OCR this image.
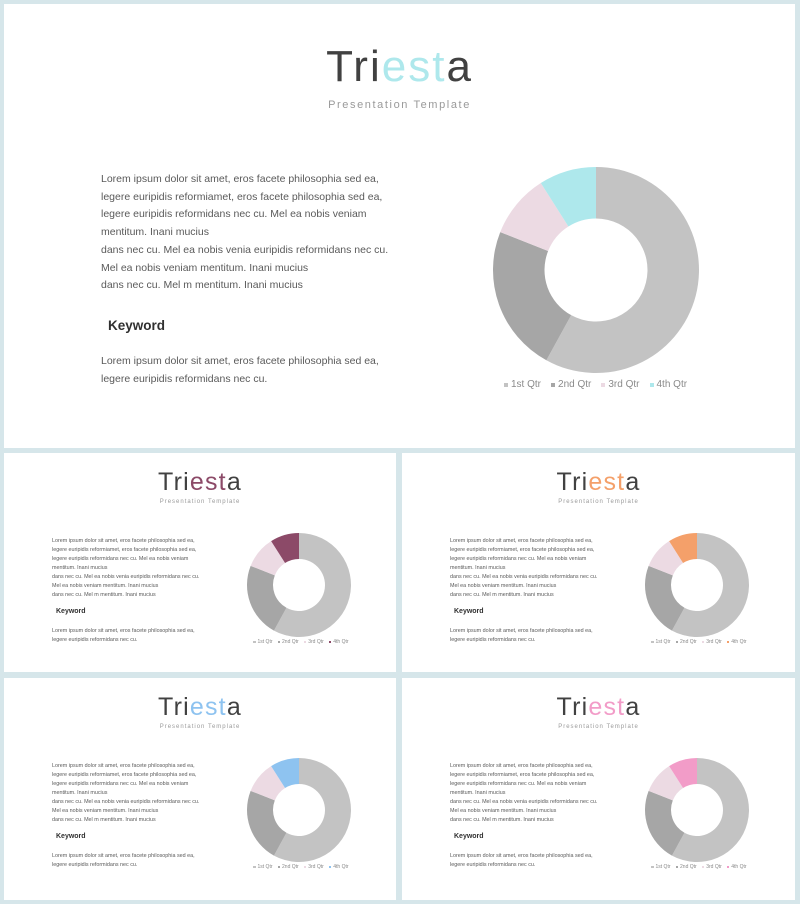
Triesta
Presentation Template
Lorem ipsum dolor sit amet, eros facete philosophia sed ea,
legere euripidis reformiamet, eros facete philosophia sed ea,
legere euripidis reformidans nec cu. Mel ea nobis veniam
mentitum. Inani mucius
dans nec cu. Mel ea nobis venia euripidis reformidans nec cu.
Mel ea nobis veniam mentitum. Inani mucius
dans nec cu. Mel m mentitum. Inani mucius
Keyword
Lorem ipsum dolor sit amet, eros facete philosophia sed ea,
legere euripidis reformidans nec cu.	1st Qtr 2nd Qtr 3rd Qtr 4th Qtr
Triesta
Presentation Template
Lorem ipsum dolor sit amet, eros facete philosophia sed ea,
legere euripidis reformiamet, eros facete philosophia sed ea,
legere euripidis reformidans nec cu. Mel ea nobis veniam
mentitum. Inani mucius
dans nec cu. Mel ea nobis venia euripidis reformidans nec cu.
Mel ea nobis veniam mentitum. Inani mucius
dans nec cu. Mel m mentitum. Inani mucius
Keyword
Lorem ipsum dolor sit amet, eros facete philosophia sed ea,
legere euripidis reformidans nec cu.	1st Qtr 2nd Qtr 3rd Qtr 4th Qtr
Triesta
Presentation Template
Lorem ipsum dolor sit amet, eros facete philosophia sed ea,
legere euripidis reformiamet, eros facete philosophia sed ea,
legere euripidis reformidans nec cu. Mel ea nobis veniam
mentitum. Inani mucius
dans nec cu. Mel ea nobis venia euripidis reformidans nec cu.
Mel ea nobis veniam mentitum. Inani mucius
dans nec cu. Mel m mentitum. Inani mucius
Keyword
Lorem ipsum dolor sit amet, eros facete philosophia sed ea,
legere euripidis reformidans nec cu.	1st Qtr 2nd Qtr 3rd Qtr 4th Qtr
Triesta
Presentation Template
Lorem ipsum dolor sit amet, eros facete philosophia sed ea,
legere euripidis reformiamet, eros facete philosophia sed ea,
legere euripidis reformidans nec cu. Mel ea nobis veniam
mentitum. Inani mucius
dans nec cu. Mel ea nobis venia euripidis reformidans nec cu.
Mel ea nobis veniam mentitum. Inani mucius
dans nec cu. Mel m mentitum. Inani mucius
Keyword
Lorem ipsum dolor sit amet, eros facete philosophia sed ea,
legere euripidis reformidans nec cu.	1st Qtr 2nd Qtr 3rd Qtr 4th Qtr
Triesta
Presentation Template
Lorem ipsum dolor sit amet, eros facete philosophia sed ea,
legere euripidis reformiamet, eros facete philosophia sed ea,
legere euripidis reformidans nec cu. Mel ea nobis veniam
mentitum. Inani mucius
dans nec cu. Mel ea nobis venia euripidis reformidans nec cu.
Mel ea nobis veniam mentitum. Inani mucius
dans nec cu. Mel m mentitum. Inani mucius
Keyword
Lorem ipsum dolor sit amet, eros facete philosophia sed ea,
legere euripidis reformidans nec cu.	1st Qtr 2nd Qtr 3rd Qtr 4th Qtr
